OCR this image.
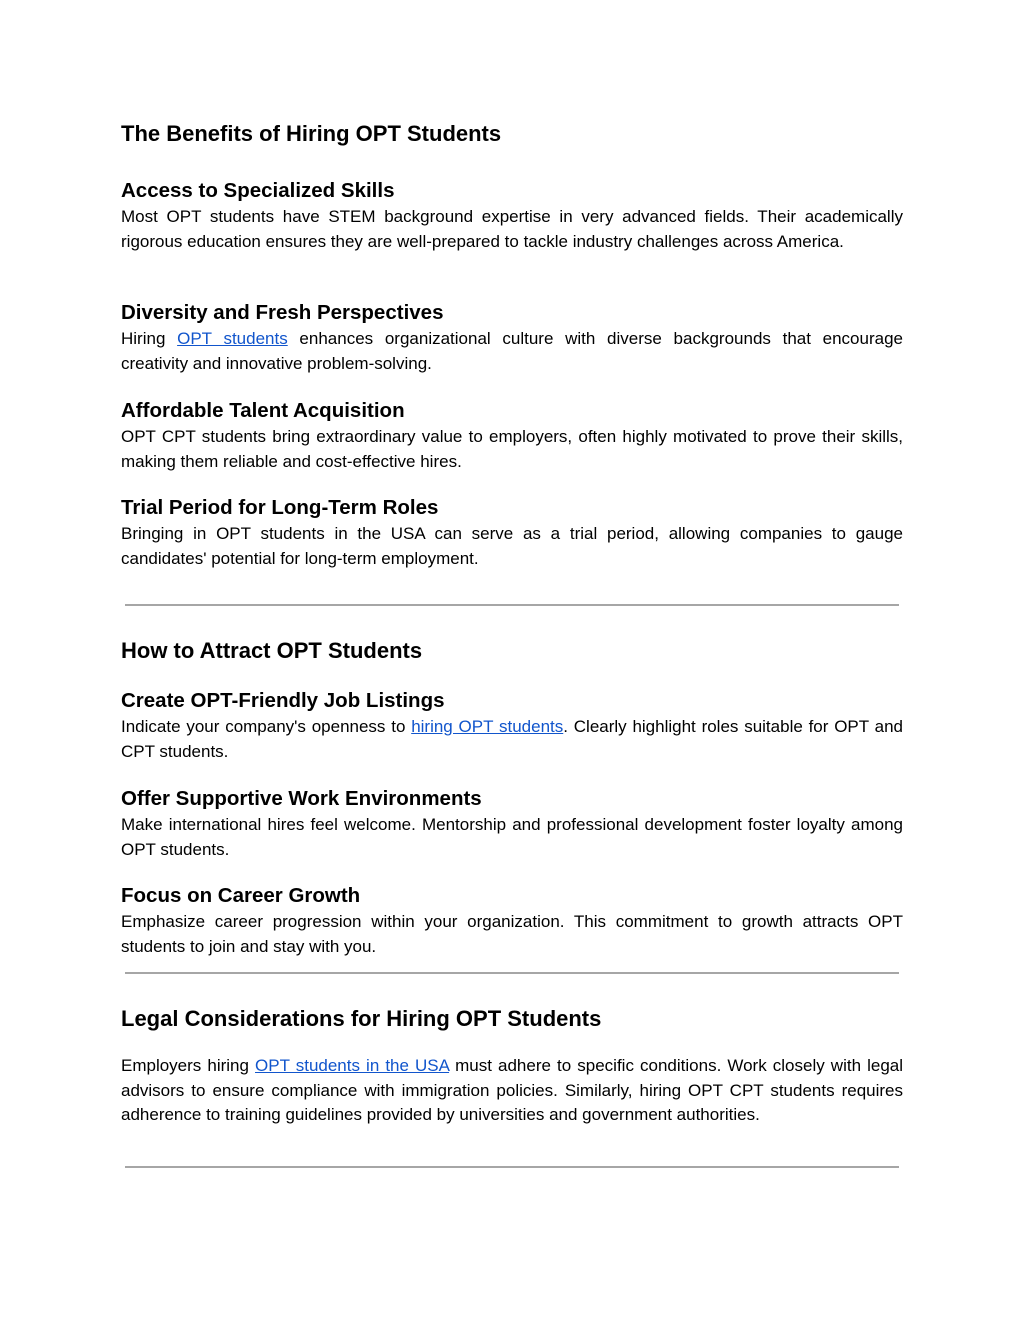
The Benefits of Hiring OPT Students
Access to Specialized Skills

Most OPT students have STEM background expertise in very advanced fields. Their academically rigorous education ensures they are well-prepared to tackle industry challenges across America.

Diversity and Fresh Perspectives

Hiring OPT students enhances organizational culture with diverse backgrounds that encourage creativity and innovative problem-solving.

Affordable Talent Acquisition

OPT CPT students bring extraordinary value to employers, often highly motivated to prove their skills, making them reliable and cost-effective hires.

Trial Period for Long-Term Roles

Bringing in OPT students in the USA can serve as a trial period, allowing companies to gauge candidates' potential for long-term employment.

How to Attract OPT Students
Create OPT-Friendly Job Listings

Indicate your company's openness to hiring OPT students. Clearly highlight roles suitable for OPT and CPT students.

Offer Supportive Work Environments

Make international hires feel welcome. Mentorship and professional development foster loyalty among OPT students.

Focus on Career Growth

Emphasize career progression within your organization. This commitment to growth attracts OPT students to join and stay with you.

Legal Considerations for Hiring OPT Students

Employers hiring OPT students in the USA must adhere to specific conditions. Work closely with legal advisors to ensure compliance with immigration policies. Similarly, hiring OPT CPT students requires adherence to training guidelines provided by universities and government authorities.
